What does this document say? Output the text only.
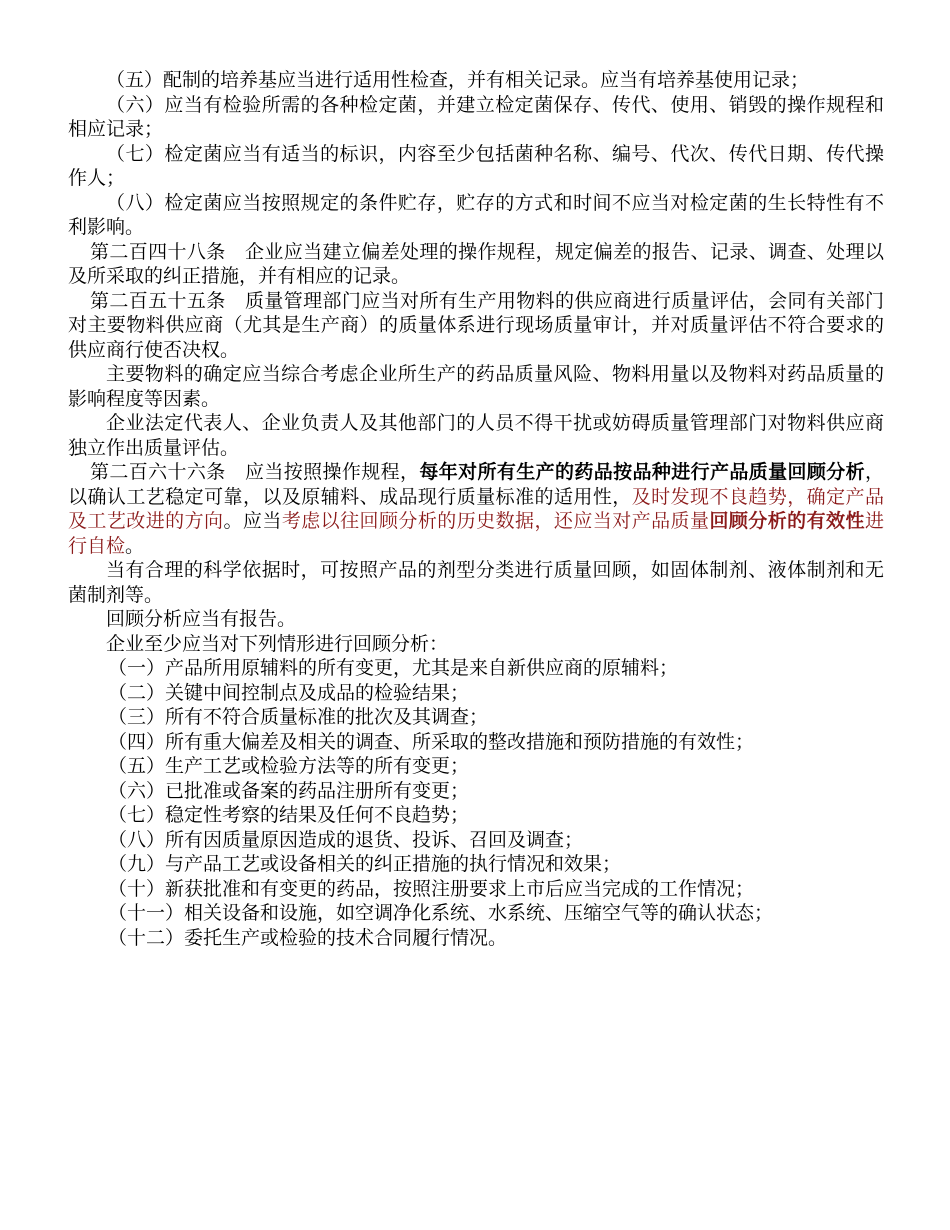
（五）配制的培养基应当进行适用性检查，并有相关记录。应当有培养基使用记录；

（六）应当有检验所需的各种检定菌，并建立检定菌保存、传代、使用、销毁的操作规程和相应记录；

（七）检定菌应当有适当的标识，内容至少包括菌种名称、编号、代次、传代日期、传代操作人；

（八）检定菌应当按照规定的条件贮存，贮存的方式和时间不应当对检定菌的生长特性有不利影响。

第二百四十八条　企业应当建立偏差处理的操作规程，规定偏差的报告、记录、调查、处理以及所采取的纠正措施，并有相应的记录。

第二百五十五条　质量管理部门应当对所有生产用物料的供应商进行质量评估，会同有关部门对主要物料供应商（尤其是生产商）的质量体系进行现场质量审计，并对质量评估不符合要求的供应商行使否决权。

主要物料的确定应当综合考虑企业所生产的药品质量风险、物料用量以及物料对药品质量的影响程度等因素。

企业法定代表人、企业负责人及其他部门的人员不得干扰或妨碍质量管理部门对物料供应商独立作出质量评估。

第二百六十六条　应当按照操作规程，每年对所有生产的药品按品种进行产品质量回顾分析，以确认工艺稳定可靠，以及原辅料、成品现行质量标准的适用性，及时发现不良趋势，确定产品及工艺改进的方向。应当考虑以往回顾分析的历史数据，还应当对产品质量回顾分析的有效性进行自检。

当有合理的科学依据时，可按照产品的剂型分类进行质量回顾，如固体制剂、液体制剂和无菌制剂等。

回顾分析应当有报告。

企业至少应当对下列情形进行回顾分析：

（一）产品所用原辅料的所有变更，尤其是来自新供应商的原辅料；

（二）关键中间控制点及成品的检验结果；

（三）所有不符合质量标准的批次及其调查；

（四）所有重大偏差及相关的调查、所采取的整改措施和预防措施的有效性；

（五）生产工艺或检验方法等的所有变更；

（六）已批准或备案的药品注册所有变更；

（七）稳定性考察的结果及任何不良趋势；

（八）所有因质量原因造成的退货、投诉、召回及调查；

（九）与产品工艺或设备相关的纠正措施的执行情况和效果；

（十）新获批准和有变更的药品，按照注册要求上市后应当完成的工作情况；

（十一）相关设备和设施，如空调净化系统、水系统、压缩空气等的确认状态；

（十二）委托生产或检验的技术合同履行情况。
